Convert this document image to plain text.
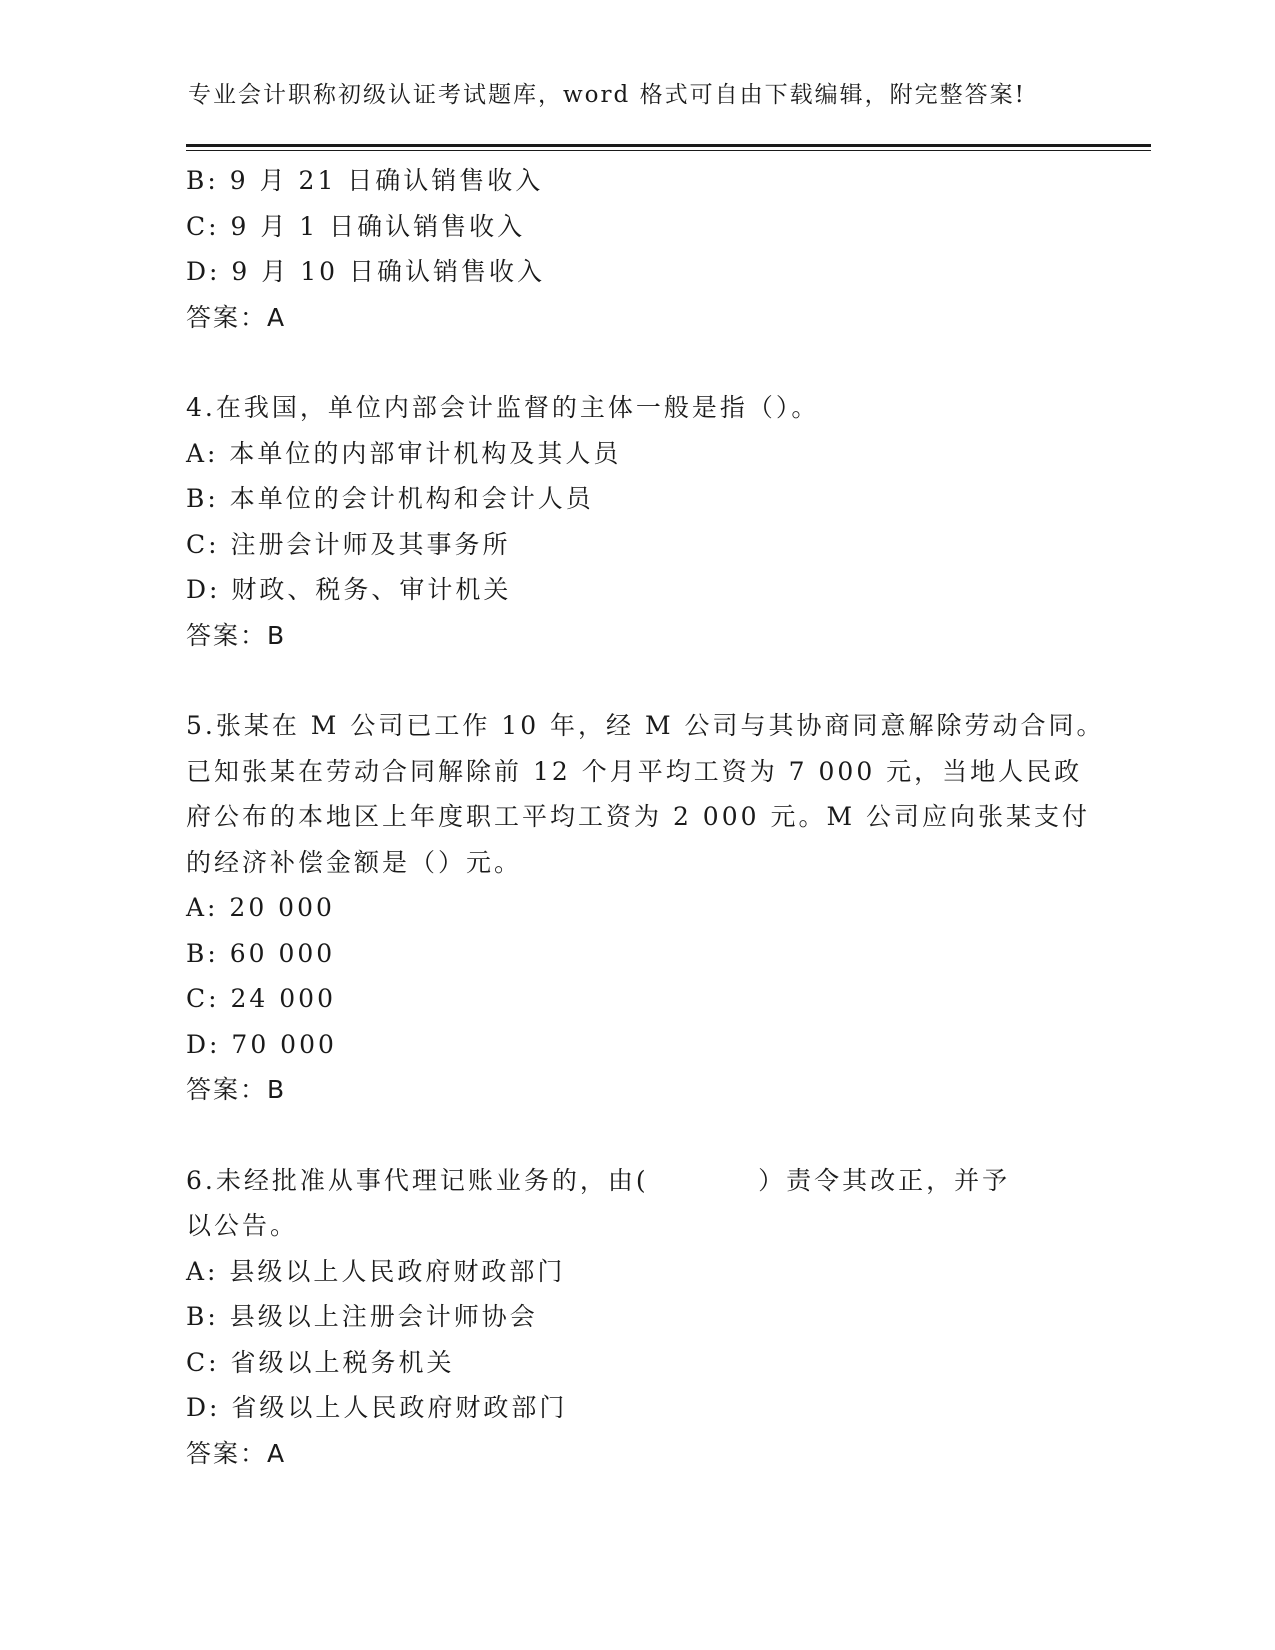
专业会计职称初级认证考试题库，word 格式可自由下载编辑，附完整答案!
B: 9 月 21 日确认销售收入
C: 9 月 1 日确认销售收入
D: 9 月 10 日确认销售收入
答案：A
4.在我国，单位内部会计监督的主体一般是指（）。
A: 本单位的内部审计机构及其人员
B: 本单位的会计机构和会计人员
C: 注册会计师及其事务所
D: 财政、税务、审计机关
答案：B
5.张某在 M 公司已工作 10 年，经 M 公司与其协商同意解除劳动合同。
已知张某在劳动合同解除前 12 个月平均工资为 7 000 元，当地人民政
府公布的本地区上年度职工平均工资为 2 000 元。M 公司应向张某支付
的经济补偿金额是（）元。
A: 20 000
B: 60 000
C: 24 000
D: 70 000
答案：B
6.未经批准从事代理记账业务的，由(          ）责令其改正，并予
以公告。
A: 县级以上人民政府财政部门
B: 县级以上注册会计师协会
C: 省级以上税务机关
D: 省级以上人民政府财政部门
答案：A
